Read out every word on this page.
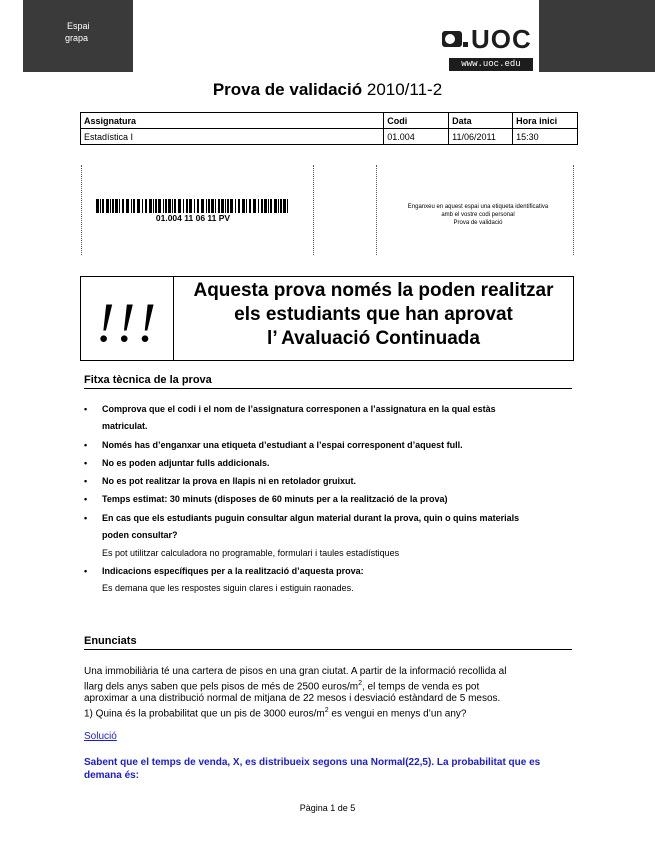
Espai
grapa	UOC
www.uoc.edu
Prova de validació 2010/11-2
Assignatura	Codi	Data	Hora inici
Estadística I	01.004	11/06/2011	15:30
01.004 11 06 11 PV
Enganxeu en aquest espai una etiqueta identificativa
amb el vostre codi personal
Prova de validació
!!!
Aquesta prova només la poden realitzar
els estudiants que han aprovat
l’ Avaluació Continuada
Fitxa tècnica de la prova
• Comprova que el codi i el nom de l’assignatura corresponen a l’assignatura en la qual estàs
matriculat.
• Només has d’enganxar una etiqueta d’estudiant a l’espai corresponent d’aquest full.
• No es poden adjuntar fulls addicionals.
• No es pot realitzar la prova en llapis ni en retolador gruixut.
• Temps estimat: 30 minuts (disposes de 60 minuts per a la realització de la prova)
• En cas que els estudiants puguin consultar algun material durant la prova, quin o quins materials
poden consultar?
Es pot utilitzar calculadora no programable, formulari i taules estadístiques
• Indicacions específiques per a la realització d’aquesta prova:
Es demana que les respostes siguin clares i estiguin raonades.
Enunciats
Una immobiliària té una cartera de pisos en una gran ciutat. A partir de la informació recollida al
llarg dels anys saben que pels pisos de més de 2500 euros/$m^2$, el temps de venda es pot
aproximar a una distribució normal de mitjana de 22 mesos i desviació estàndard de 5 mesos.
1) Quina és la probabilitat que un pis de 3000 euros/$m^2$ es vengui en menys d’un any?
Solució
Sabent que el temps de venda, X, es distribueix segons una Normal(22,5). La probabilitat que es
demana és:
Pàgina 1 de 5
